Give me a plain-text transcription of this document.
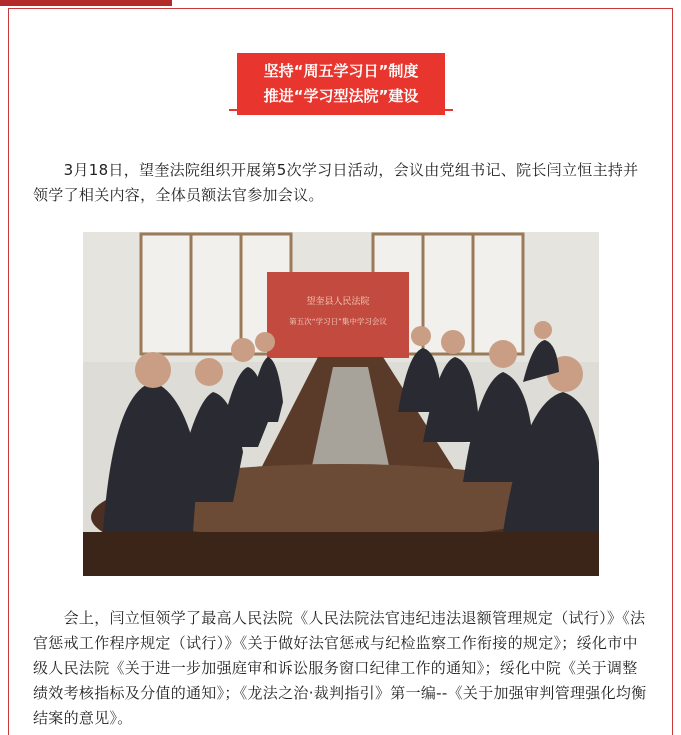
坚持“周五学习日”制度
推进“学习型法院”建设
　　3月18日，望奎法院组织开展第5次学习日活动，会议由党组书记、院长闫立恒主持并领学了相关内容，全体员额法官参加会议。
望奎县人民法院
第五次“学习日”集中学习会议
　　会上，闫立恒领学了最高人民法院《人民法院法官违纪违法退额管理规定（试行）》《法官惩戒工作程序规定（试行）》《关于做好法官惩戒与纪检监察工作衔接的规定》；绥化市中级人民法院《关于进一步加强庭审和诉讼服务窗口纪律工作的通知》；绥化中院《关于调整绩效考核指标及分值的通知》；《龙法之治·裁判指引》第一编--《关于加强审判管理强化均衡结案的意见》。
